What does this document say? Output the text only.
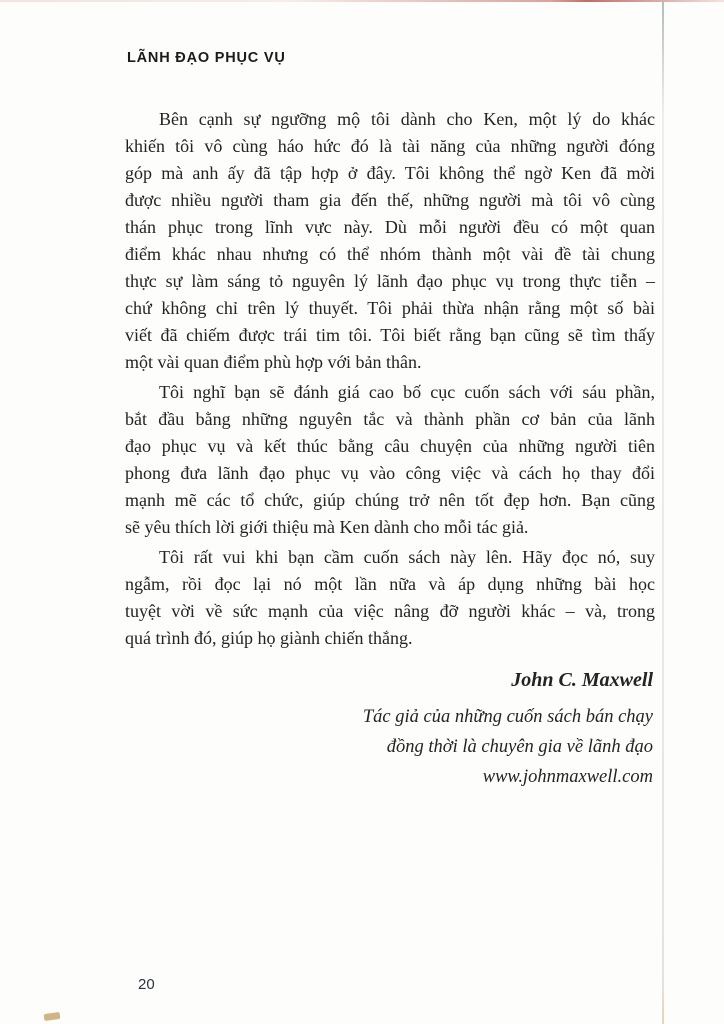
LÃNH ĐẠO PHỤC VỤ
Bên cạnh sự ngưỡng mộ tôi dành cho Ken, một lý do khác
khiến tôi vô cùng háo hức đó là tài năng của những người đóng
góp mà anh ấy đã tập hợp ở đây. Tôi không thể ngờ Ken đã mời
được nhiều người tham gia đến thế, những người mà tôi vô cùng
thán phục trong lĩnh vực này. Dù mỗi người đều có một quan
điểm khác nhau nhưng có thể nhóm thành một vài đề tài chung
thực sự làm sáng tỏ nguyên lý lãnh đạo phục vụ trong thực tiễn –
chứ không chỉ trên lý thuyết. Tôi phải thừa nhận rằng một số bài
viết đã chiếm được trái tim tôi. Tôi biết rằng bạn cũng sẽ tìm thấy
một vài quan điểm phù hợp với bản thân.
Tôi nghĩ bạn sẽ đánh giá cao bố cục cuốn sách với sáu phần,
bắt đầu bằng những nguyên tắc và thành phần cơ bản của lãnh
đạo phục vụ và kết thúc bằng câu chuyện của những người tiên
phong đưa lãnh đạo phục vụ vào công việc và cách họ thay đổi
mạnh mẽ các tổ chức, giúp chúng trở nên tốt đẹp hơn. Bạn cũng
sẽ yêu thích lời giới thiệu mà Ken dành cho mỗi tác giả.
Tôi rất vui khi bạn cầm cuốn sách này lên. Hãy đọc nó, suy
ngẫm, rồi đọc lại nó một lần nữa và áp dụng những bài học
tuyệt vời về sức mạnh của việc nâng đỡ người khác – và, trong
quá trình đó, giúp họ giành chiến thắng.
John C. Maxwell
Tác giả của những cuốn sách bán chạy
đồng thời là chuyên gia về lãnh đạo
www.johnmaxwell.com
20
